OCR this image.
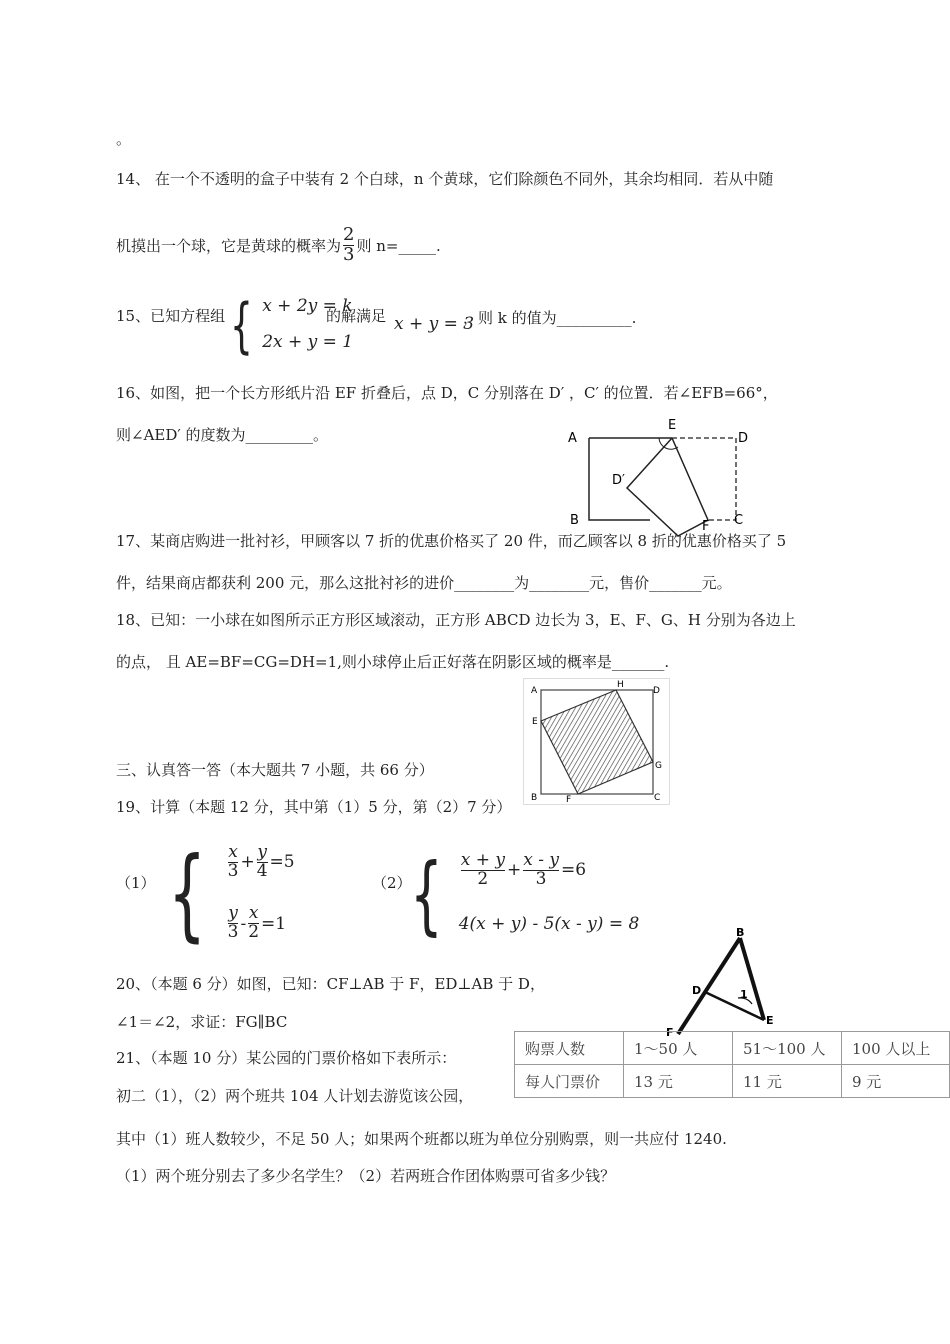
。
14、 在一个不透明的盒子中装有 2 个白球，n 个黄球，它们除颜色不同外，其余均相同．若从中随
机摸出一个球，它是黄球的概率为 $\frac{2}{3}$ 则 n=_____.
15、已知方程组 { x + 2y = k
2x + y = 1
的解满足 x + y = 3
，则 k 的值为__________.
16、如图，把一个长方形纸片沿 EF 折叠后，点 D，C 分别落在 D′ ，C′ 的位置．若∠EFB=66°，
则∠AED′ 的度数为_________。	A
B	C
D
E
F
D′
17、某商店购进一批衬衫，甲顾客以 7 折的优惠价格买了 20 件，而乙顾客以 8 折的优惠价格买了 5
件，结果商店都获利 200 元，那么这批衬衫的进价________为________元，售价_______元。
18、已知：一小球在如图所示正方形区域滚动，正方形 ABCD 边长为 3，E、F、G、H 分别为各边上
的点， 且 AE=BF=CG=DH=1,则小球停止后正好落在阴影区域的概率是_______.
A
B	C
D
E
F
G
H
三、认真答一答（本大题共 7 小题，共 66 分）
19、计算（本题 12 分，其中第（1）5 分，第（2）7 分）
（1） { $\frac{x}{3} + \frac{y}{4} =5$
$\frac{y}{3} - \frac{x}{2} =1$
（2）
{ $\frac{x + y}{2} + \frac{x - y}{3} =6$
4(x + y) - 5(x - y) = 8
20、（本题 6 分）如图，已知：CF⊥AB 于 F，ED⊥AB 于 D，
∠1＝∠2，求证：FG∥BC
B
D
E
F
1
21、（本题 10 分）某公园的门票价格如下表所示：
初二（1），（2）两个班共 104 人计划去游览该公园，
购票人数	1～50 人	51～100 人	100 人以上
每人门票价	13 元	11 元	9 元
其中（1）班人数较少，不足 50 人；如果两个班都以班为单位分别购票，则一共应付 1240.
（1）两个班分别去了多少名学生？（2）若两班合作团体购票可省多少钱？
